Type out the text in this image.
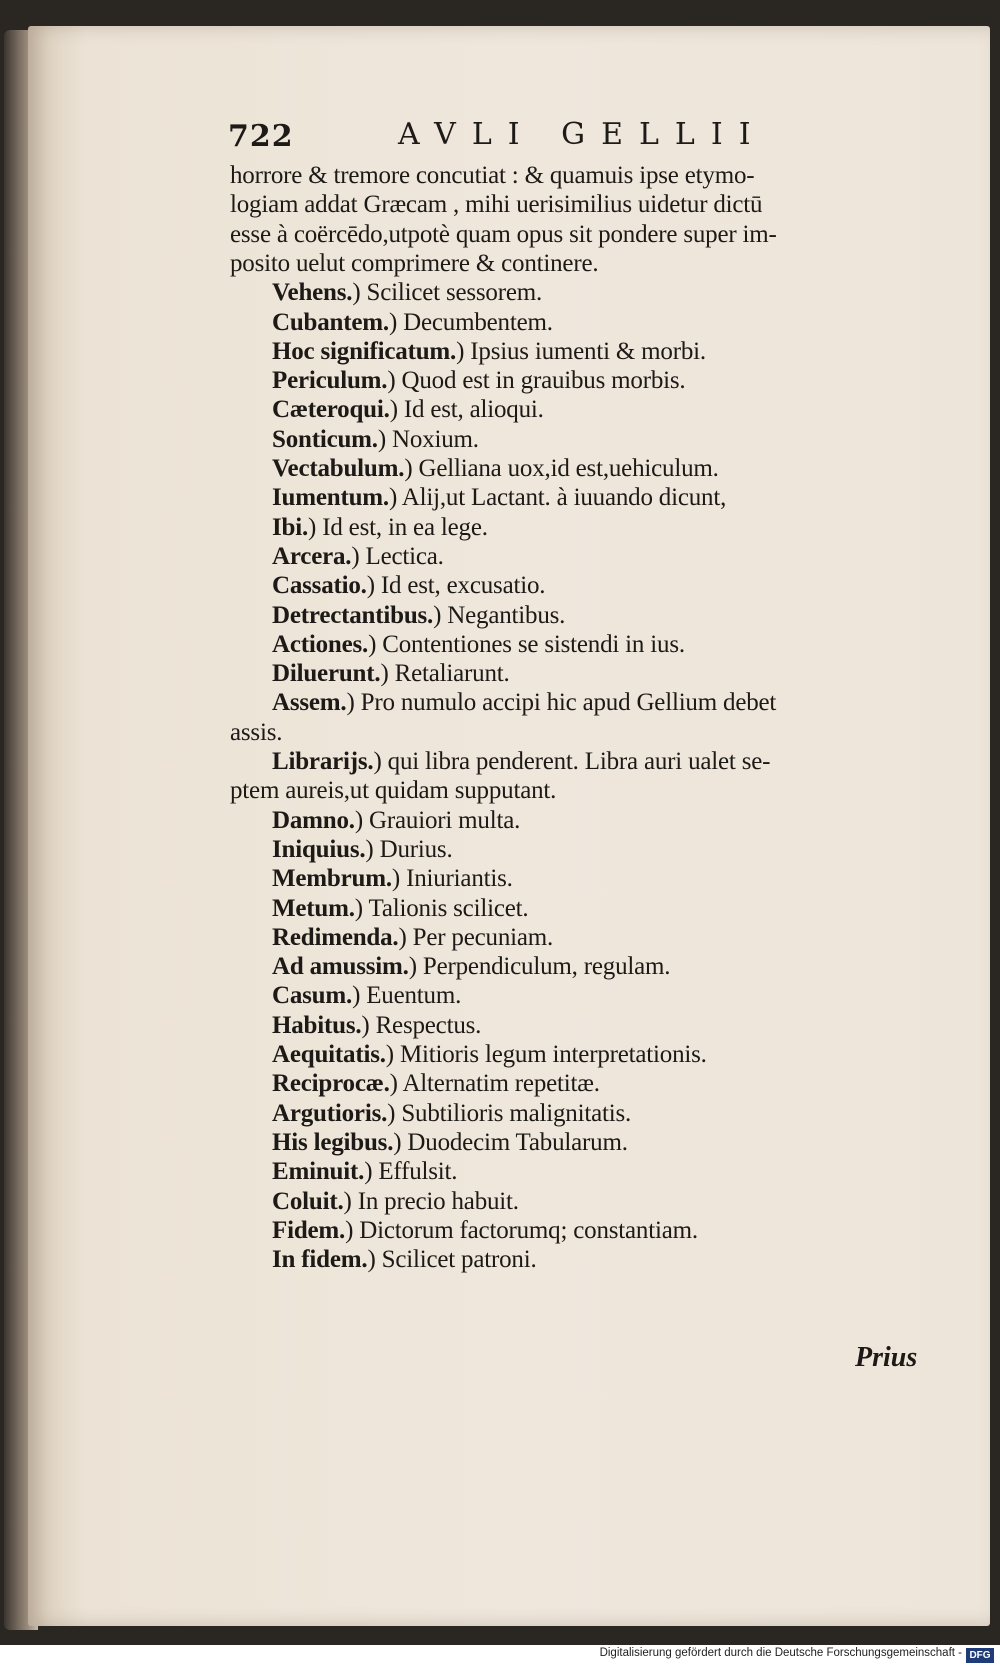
722	AVLI GELLII
horrore & tremore concutiat : & quamuis ipse etymo-
logiam addat Græcam , mihi uerisimilius uidetur dictū
esse à coërcēdo,utpotè quam opus sit pondere super im-
posito uelut comprimere & continere.
Vehens.) Scilicet sessorem.
Cubantem.) Decumbentem.
Hoc significatum.) Ipsius iumenti & morbi.
Periculum.) Quod est in grauibus morbis.
Cæteroqui.) Id est, alioqui.
Sonticum.) Noxium.
Vectabulum.) Gelliana uox,id est,uehiculum.
Iumentum.) Alij,ut Lactant. à iuuando dicunt,
Ibi.) Id est, in ea lege.
Arcera.) Lectica.
Cassatio.) Id est, excusatio.
Detrectantibus.) Negantibus.
Actiones.) Contentiones se sistendi in ius.
Diluerunt.) Retaliarunt.
Assem.) Pro numulo accipi hic apud Gellium debet
assis.
Librarijs.) qui libra penderent. Libra auri ualet se-
ptem aureis,ut quidam supputant.
Damno.) Grauiori multa.
Iniquius.) Durius.
Membrum.) Iniuriantis.
Metum.) Talionis scilicet.
Redimenda.) Per pecuniam.
Ad amussim.) Perpendiculum, regulam.
Casum.) Euentum.
Habitus.) Respectus.
Aequitatis.) Mitioris legum interpretationis.
Reciprocæ.) Alternatim repetitæ.
Argutioris.) Subtilioris malignitatis.
His legibus.) Duodecim Tabularum.
Eminuit.) Effulsit.
Coluit.) In precio habuit.
Fidem.) Dictorum factorumq; constantiam.
In fidem.) Scilicet patroni.
Prius
Digitalisierung gefördert durch die Deutsche Forschungsgemeinschaft - DFG
